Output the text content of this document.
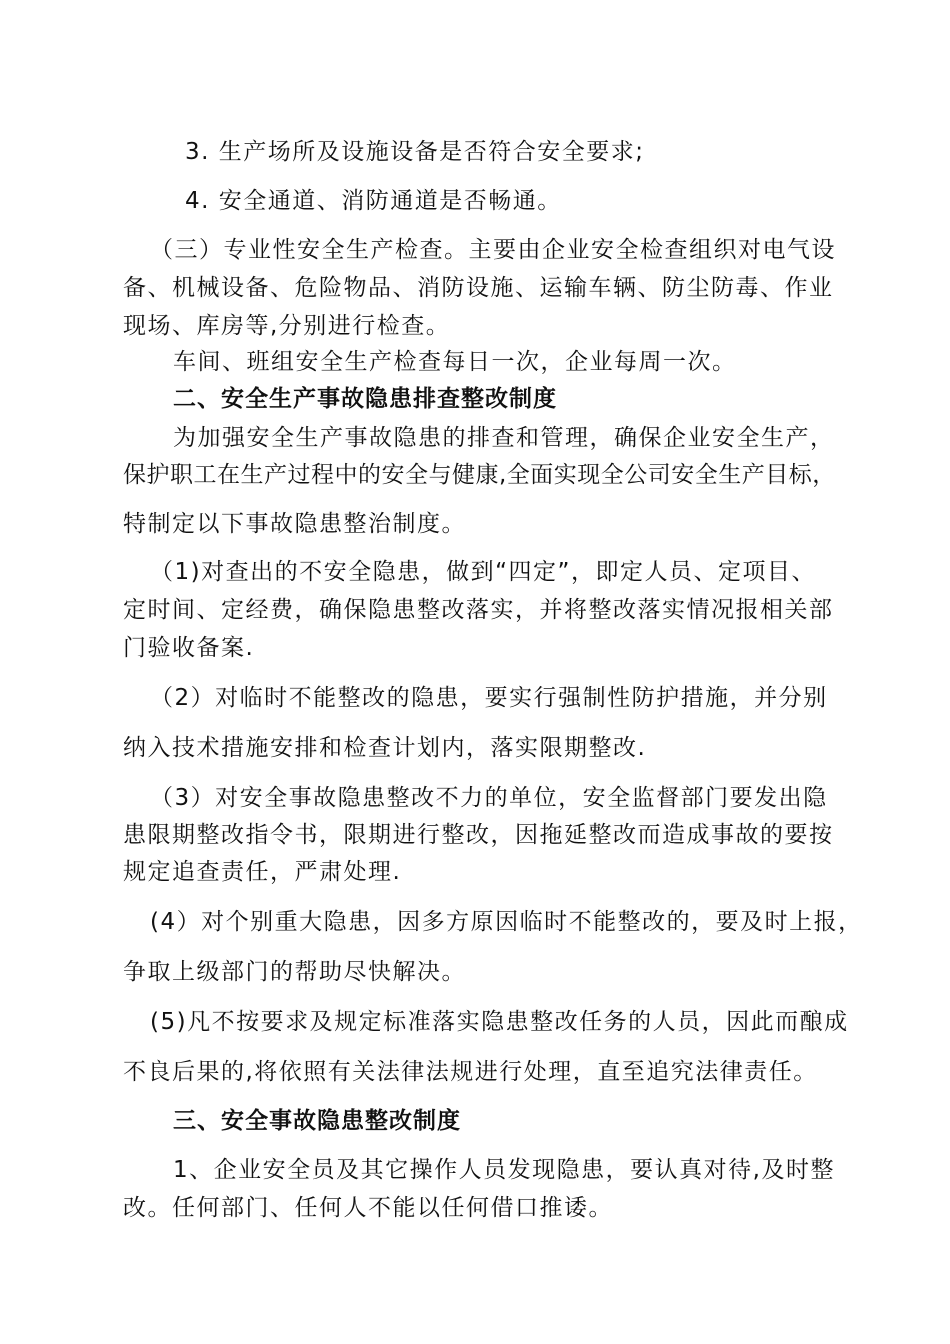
3. 生产场所及设施设备是否符合安全要求;

4. 安全通道、消防通道是否畅通。

（三）专业性安全生产检查。主要由企业安全检查组织对电气设

备、机械设备、危险物品、消防设施、运输车辆、防尘防毒、作业

现场、库房等,分别进行检查。

车间、班组安全生产检查每日一次，企业每周一次。

二、安全生产事故隐患排查整改制度

为加强安全生产事故隐患的排查和管理，确保企业安全生产，

保护职工在生产过程中的安全与健康,全面实现全公司安全生产目标，

特制定以下事故隐患整治制度。

（1)对查出的不安全隐患，做到“四定”，即定人员、定项目、

定时间、定经费，确保隐患整改落实，并将整改落实情况报相关部

门验收备案.

（2）对临时不能整改的隐患，要实行强制性防护措施，并分别

纳入技术措施安排和检查计划内，落实限期整改.

（3）对安全事故隐患整改不力的单位，安全监督部门要发出隐

患限期整改指令书，限期进行整改，因拖延整改而造成事故的要按

规定追查责任，严肃处理.

(4）对个别重大隐患，因多方原因临时不能整改的，要及时上报，

争取上级部门的帮助尽快解决。

(5)凡不按要求及规定标准落实隐患整改任务的人员，因此而酿成

不良后果的,将依照有关法律法规进行处理，直至追究法律责任。

三、安全事故隐患整改制度

1、企业安全员及其它操作人员发现隐患，要认真对待,及时整

改。任何部门、任何人不能以任何借口推诿。
